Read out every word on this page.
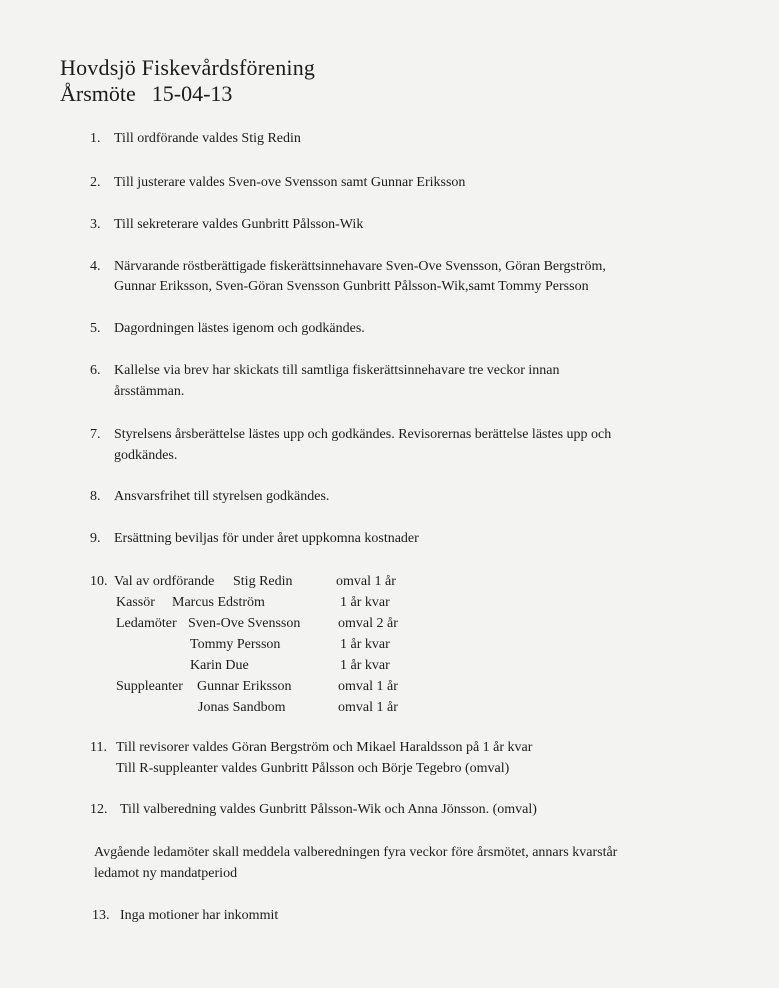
Hovdsjö Fiskevårdsförening
Årsmöte 15-04-13
1. Till ordförande valdes Stig Redin
2. Till justerare valdes Sven-ove Svensson samt Gunnar Eriksson
3. Till sekreterare valdes Gunbritt Pålsson-Wik
4. Närvarande röstberättigade fiskerättsinnehavare Sven-Ove Svensson, Göran Bergström,
Gunnar Eriksson, Sven-Göran Svensson Gunbritt Pålsson-Wik,samt Tommy Persson
5. Dagordningen lästes igenom och godkändes.
6. Kallelse via brev har skickats till samtliga fiskerättsinnehavare tre veckor innan
årsstämman.
7. Styrelsens årsberättelse lästes upp och godkändes. Revisorernas berättelse lästes upp och
godkändes.
8. Ansvarsfrihet till styrelsen godkändes.
9. Ersättning beviljas för under året uppkomna kostnader
10. Val av ordförande Stig Redin	omval 1 år
Kassör Marcus Edström	1 år kvar
Ledamöter Sven-Ove Svensson	omval 2 år
Tommy Persson	1 år kvar
Karin Due	1 år kvar
Suppleanter Gunnar Eriksson	omval 1 år
Jonas Sandbom	omval 1 år
11. Till revisorer valdes Göran Bergström och Mikael Haraldsson på 1 år kvar
Till R-suppleanter valdes Gunbritt Pålsson och Börje Tegebro (omval)
12. Till valberedning valdes Gunbritt Pålsson-Wik och Anna Jönsson. (omval)
Avgående ledamöter skall meddela valberedningen fyra veckor före årsmötet, annars kvarstår
ledamot ny mandatperiod
13. Inga motioner har inkommit
